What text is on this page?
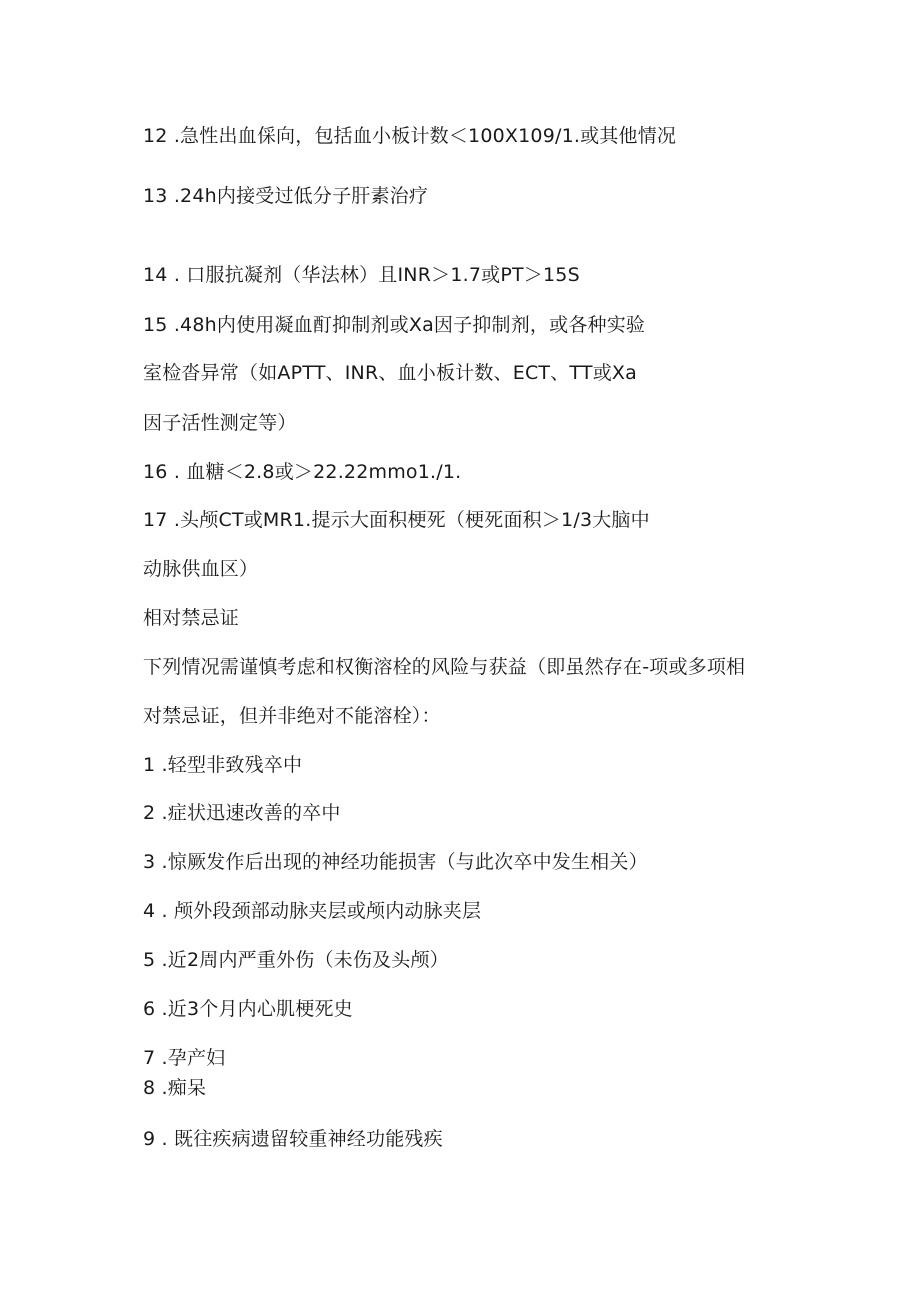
12 .急性出血倸向，包括血小板计数＜100X109/1.或其他情况
13 .24h内接受过低分子肝素治疗
14 . 口服抗凝剂（华法林）且INR＞1.7或PT＞15S
15 .48h内使用凝血酊抑制剂或Xa因子抑制剂，或各种实验
室检沓异常（如APTT、INR、血小板计数、ECT、TT或Xa
因子活性测定等）
16 . 血糖＜2.8或＞22.22mmo1./1.
17 .头颅CT或MR1.提示大面积梗死（梗死面积＞1/3大脑中
动脉供血区）
相对禁忌证
下列情况需谨慎考虑和权衡溶栓的风险与获益（即虽然存在-项或多项相
对禁忌证，但并非绝对不能溶栓）：
1 .轻型非致残卒中
2 .症状迅速改善的卒中
3 .惊厥发作后出现的神经功能损害（与此次卒中发生相关）
4 . 颅外段颈部动脉夹层或颅内动脉夹层
5 .近2周内严重外伤（未伤及头颅）
6 .近3个月内心肌梗死史
7 .孕产妇
8 .痴呆
9 . 既往疾病遗留较重神经功能残疾
